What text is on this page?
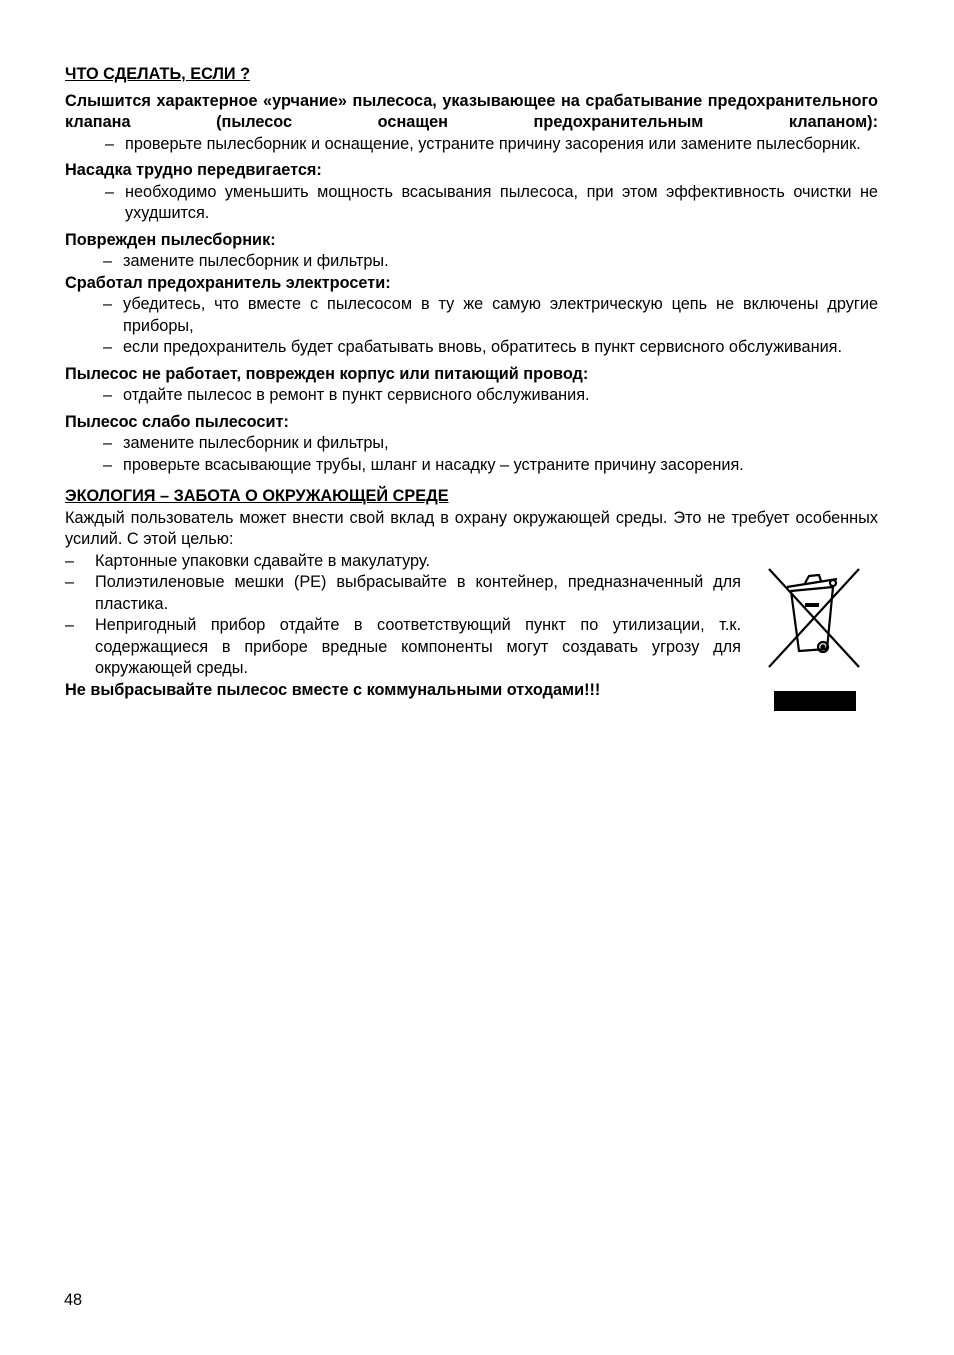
ЧТО СДЕЛАТЬ, ЕСЛИ ?

Слышится характерное «урчание» пылесоса, указывающее на срабатывание предохранительного клапана (пылесос оснащен предохранительным клапаном):

– проверьте пылесборник и оснащение, устраните причину засорения или замените пылесборник.

Насадка трудно передвигается:

– необходимо уменьшить мощность всасывания пылесоса, при этом эффективность очистки не ухудшится.

Поврежден пылесборник:

– замените пылесборник и фильтры.

Сработал предохранитель электросети:

– убедитесь, что вместе с пылесосом в ту же самую электрическую цепь не включены другие приборы,
– если предохранитель будет срабатывать вновь, обратитесь в пункт сервисного обслуживания.

Пылесос не работает, поврежден корпус или питающий провод:

– отдайте пылесос в ремонт в пункт сервисного обслуживания.

Пылесос слабо пылесосит:

– замените пылесборник и фильтры,
– проверьте всасывающие трубы, шланг и насадку – устраните причину засорения.

ЭКОЛОГИЯ – ЗАБОТА О ОКРУЖАЮЩЕЙ СРЕДЕ

Каждый пользователь может внести свой вклад в охрану окружающей среды. Это не требует особенных усилий. С этой целью:

–	Картонные упаковки сдавайте в макулатуру.
–	Полиэтиленовые мешки (PE) выбрасывайте в контейнер, предназначенный для пластика.
–	Непригодный прибор отдайте в соответствующий пункт по утилизации, т.к. содержащиеся в приборе вредные компоненты могут создавать угрозу для окружающей среды.

Не выбрасывайте пылесос вместе с коммунальными отходами!!!

48
